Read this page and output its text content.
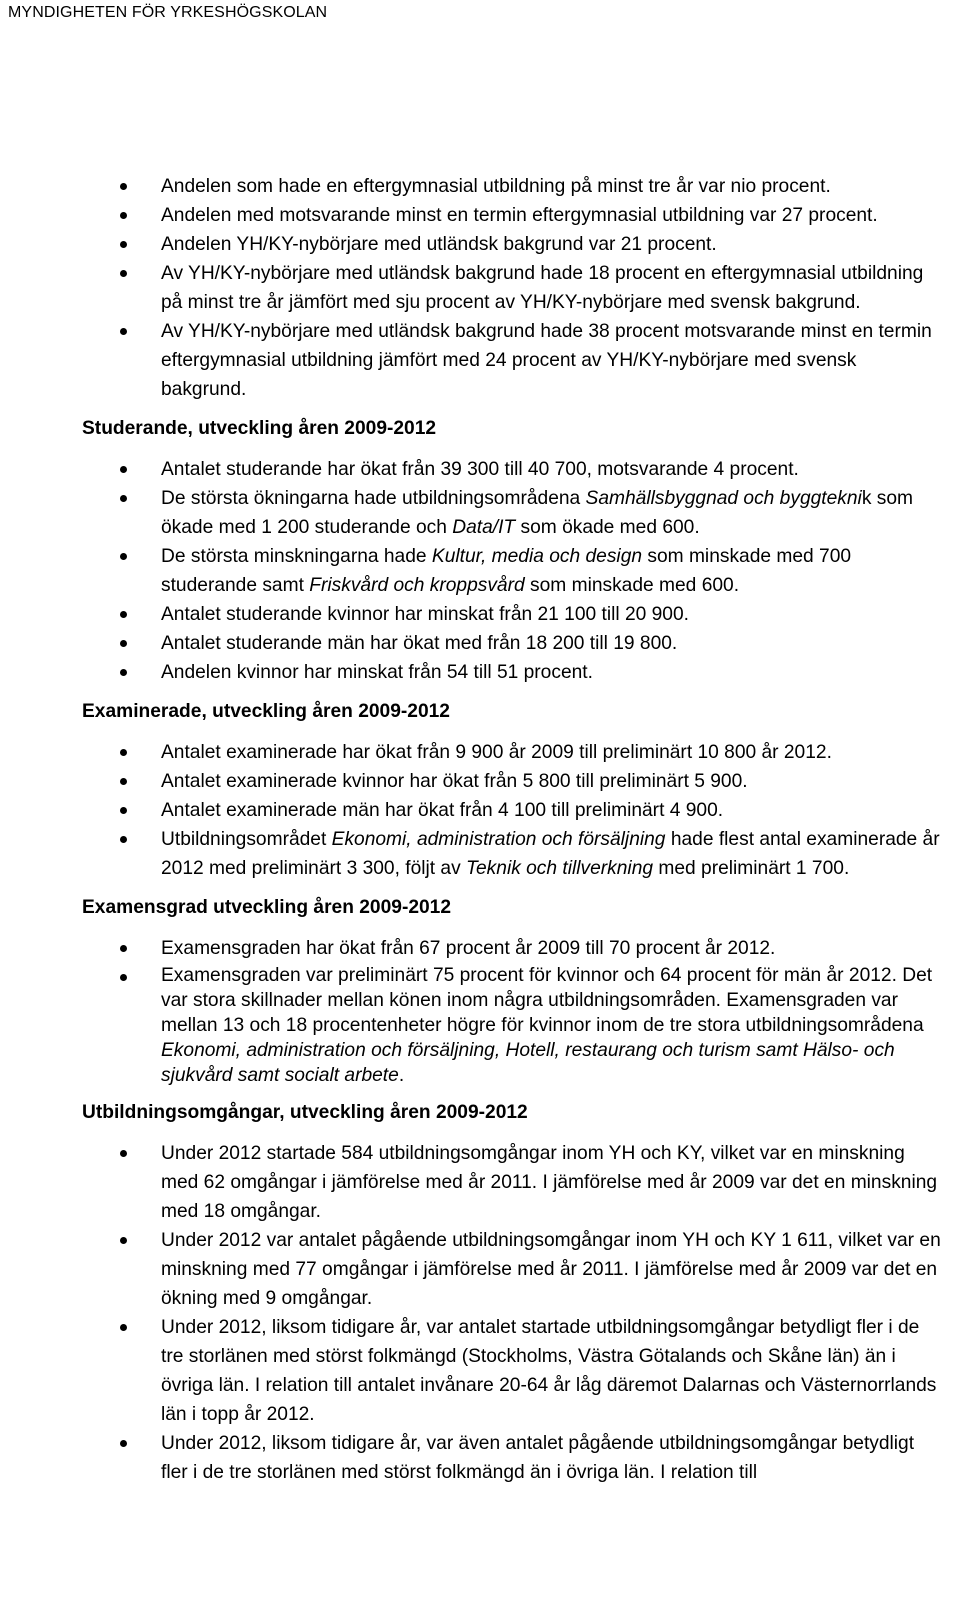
MYNDIGHETEN FÖR YRKESHÖGSKOLAN
Andelen som hade en eftergymnasial utbildning på minst tre år var nio procent.
Andelen med motsvarande minst en termin eftergymnasial utbildning var 27 procent.
Andelen YH/KY-nybörjare med utländsk bakgrund var 21 procent.
Av YH/KY-nybörjare med utländsk bakgrund hade 18 procent en eftergymnasial utbildning på minst tre år jämfört med sju procent av YH/KY-nybörjare med svensk bakgrund.
Av YH/KY-nybörjare med utländsk bakgrund hade 38 procent motsvarande minst en termin eftergymnasial utbildning jämfört med 24 procent av YH/KY-nybörjare med svensk bakgrund.
Studerande, utveckling åren 2009-2012
Antalet studerande har ökat från 39 300 till 40 700, motsvarande 4 procent.
De största ökningarna hade utbildningsområdena Samhällsbyggnad och byggteknik som ökade med 1 200 studerande och Data/IT som ökade med 600.
De största minskningarna hade Kultur, media och design som minskade med 700 studerande samt Friskvård och kroppsvård som minskade med 600.
Antalet studerande kvinnor har minskat från 21 100 till 20 900.
Antalet studerande män har ökat med från 18 200 till 19 800.
Andelen kvinnor har minskat från 54 till 51 procent.
Examinerade, utveckling åren 2009-2012
Antalet examinerade har ökat från 9 900 år 2009 till preliminärt 10 800 år 2012.
Antalet examinerade kvinnor har ökat från 5 800 till preliminärt 5 900.
Antalet examinerade män har ökat från 4 100 till preliminärt 4 900.
Utbildningsområdet Ekonomi, administration och försäljning hade flest antal examinerade år 2012 med preliminärt 3 300, följt av Teknik och tillverkning med preliminärt 1 700.
Examensgrad utveckling åren 2009-2012
Examensgraden har ökat från 67 procent år 2009 till 70 procent år 2012.
Examensgraden var preliminärt 75 procent för kvinnor och 64 procent för män år 2012. Det var stora skillnader mellan könen inom några utbildningsområden. Examensgraden var mellan 13 och 18 procentenheter högre för kvinnor inom de tre stora utbildningsområdena Ekonomi, administration och försäljning, Hotell, restaurang och turism samt Hälso- och sjukvård samt socialt arbete.
Utbildningsomgångar, utveckling åren 2009-2012
Under 2012 startade 584 utbildningsomgångar inom YH och KY, vilket var en minskning med 62 omgångar i jämförelse med år 2011. I jämförelse med år 2009 var det en minskning med 18 omgångar.
Under 2012 var antalet pågående utbildningsomgångar inom YH och KY 1 611, vilket var en minskning med 77 omgångar i jämförelse med år 2011. I jämförelse med år 2009 var det en ökning med 9 omgångar.
Under 2012, liksom tidigare år, var antalet startade utbildningsomgångar betydligt fler i de tre storlänen med störst folkmängd (Stockholms, Västra Götalands och Skåne län) än i övriga län. I relation till antalet invånare 20-64 år låg däremot Dalarnas och Västernorrlands län i topp år 2012.
Under 2012, liksom tidigare år, var även antalet pågående utbildningsomgångar betydligt fler i de tre storlänen med störst folkmängd än i övriga län. I relation till
